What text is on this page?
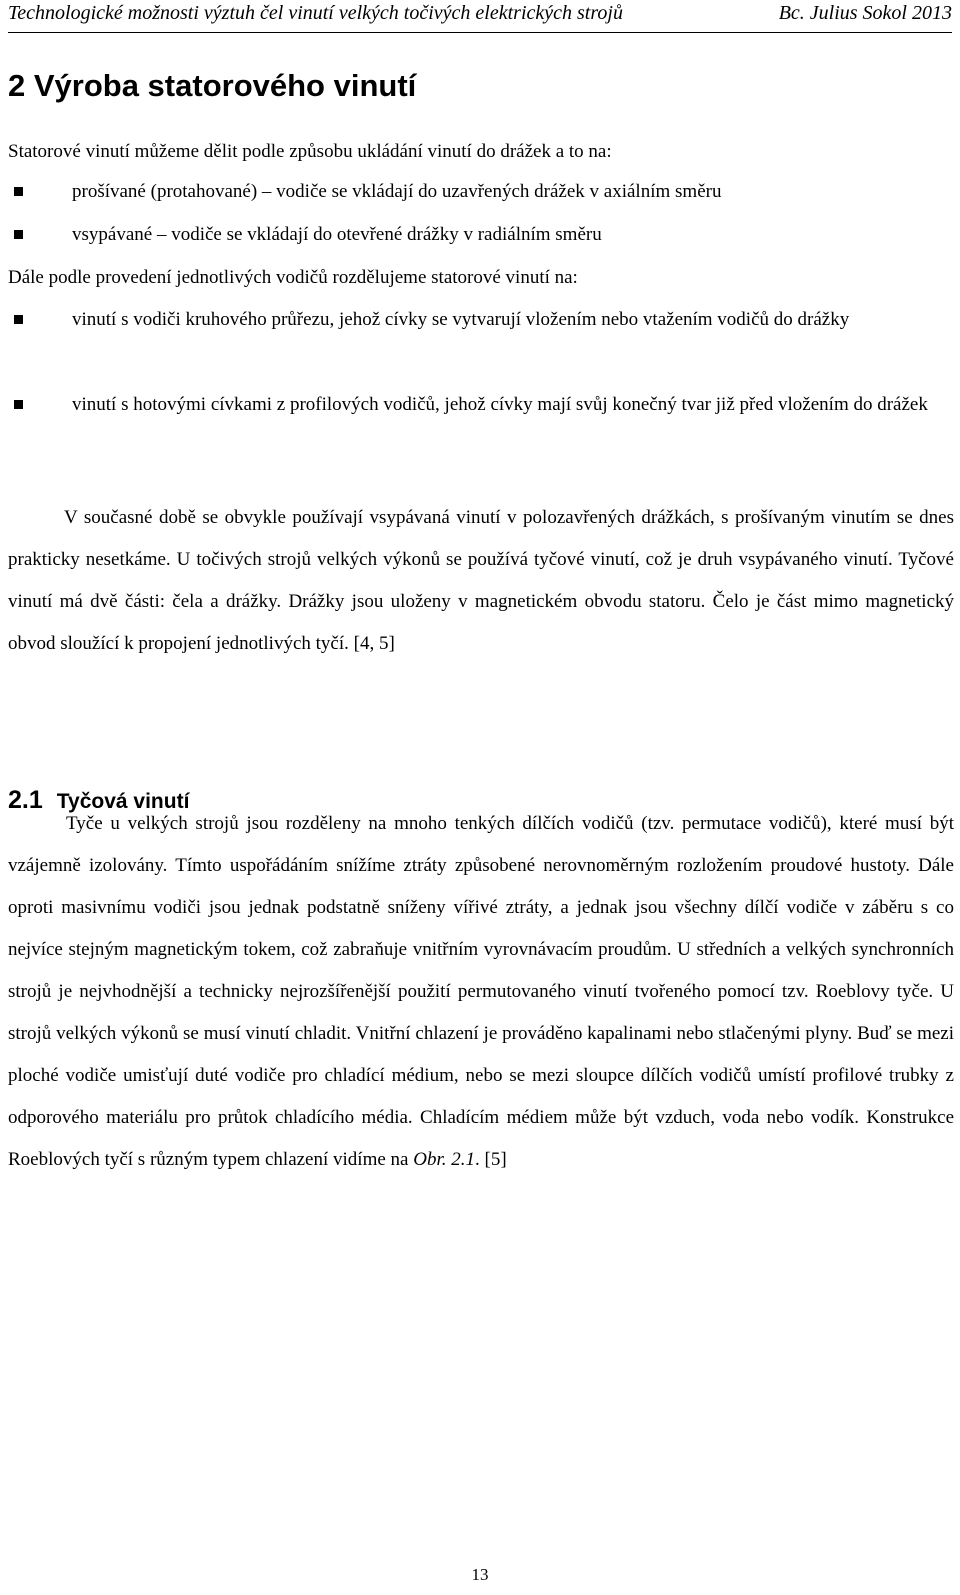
Technologické možnosti výztuh čel vinutí velkých točivých elektrických strojů	Bc. Julius Sokol 2013
2 Výroba statorového vinutí

Statorové vinutí můžeme dělit podle způsobu ukládání vinutí do drážek a to na:

prošívané (protahované) – vodiče se vkládají do uzavřených drážek v axiálním směru
vsypávané – vodiče se vkládají do otevřené drážky v radiálním směru

Dále podle provedení jednotlivých vodičů rozdělujeme statorové vinutí na:

vinutí s vodiči kruhového průřezu, jehož cívky se vytvarují vložením nebo vtažením vodičů do drážky
vinutí s hotovými cívkami z profilových vodičů, jehož cívky mají svůj konečný tvar již před vložením do drážek

V současné době se obvykle používají vsypávaná vinutí v polozavřených drážkách, s prošívaným vinutím se dnes prakticky nesetkáme. U točivých strojů velkých výkonů se používá tyčové vinutí, což je druh vsypávaného vinutí. Tyčové vinutí má dvě části: čela a drážky. Drážky jsou uloženy v magnetickém obvodu statoru. Čelo je část mimo magnetický obvod sloužící k propojení jednotlivých tyčí. [4, 5]

2.1 Tyčová vinutí

Tyče u velkých strojů jsou rozděleny na mnoho tenkých dílčích vodičů (tzv. permutace vodičů), které musí být vzájemně izolovány. Tímto uspořádáním snížíme ztráty způsobené nerovnoměrným rozložením proudové hustoty. Dále oproti masivnímu vodiči jsou jednak podstatně sníženy vířivé ztráty, a jednak jsou všechny dílčí vodiče v záběru s co nejvíce stejným magnetickým tokem, což zabraňuje vnitřním vyrovnávacím proudům. U středních a velkých synchronních strojů je nejvhodnější a technicky nejrozšířenější použití permutovaného vinutí tvořeného pomocí tzv. Roeblovy tyče. U strojů velkých výkonů se musí vinutí chladit. Vnitřní chlazení je prováděno kapalinami nebo stlačenými plyny. Buď se mezi ploché vodiče umisťují duté vodiče pro chladící médium, nebo se mezi sloupce dílčích vodičů umístí profilové trubky z odporového materiálu pro průtok chladícího média. Chladícím médiem může být vzduch, voda nebo vodík. Konstrukce Roeblových tyčí s různým typem chlazení vidíme na Obr. 2.1. [5]

13
